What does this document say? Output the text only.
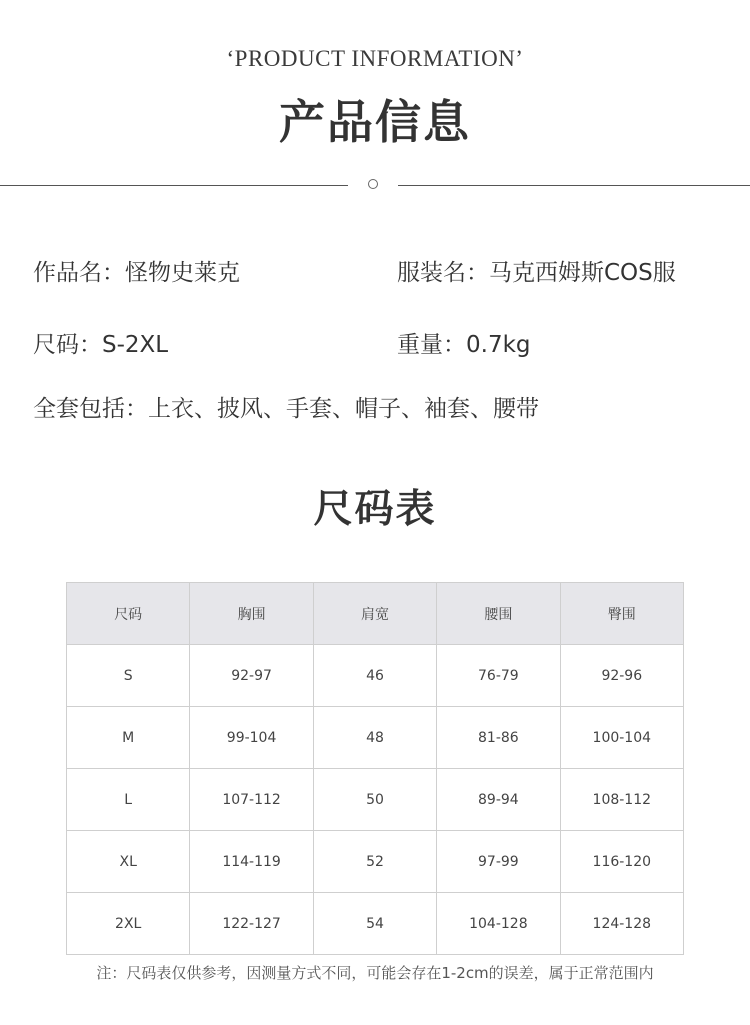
‘PRODUCT INFORMATION’
产品信息
作品名：怪物史莱克	服装名：马克西姆斯COS服
尺码：S-2XL	重量：0.7kg
全套包括：上衣、披风、手套、帽子、袖套、腰带
尺码表
尺码	胸围	肩宽	腰围	臀围
S	92-97	46	76-79	92-96
M	99-104	48	81-86	100-104
L	107-112	50	89-94	108-112
XL	114-119	52	97-99	116-120
2XL	122-127	54	104-128	124-128
注：尺码表仅供参考，因测量方式不同，可能会存在1-2cm的误差，属于正常范围内
